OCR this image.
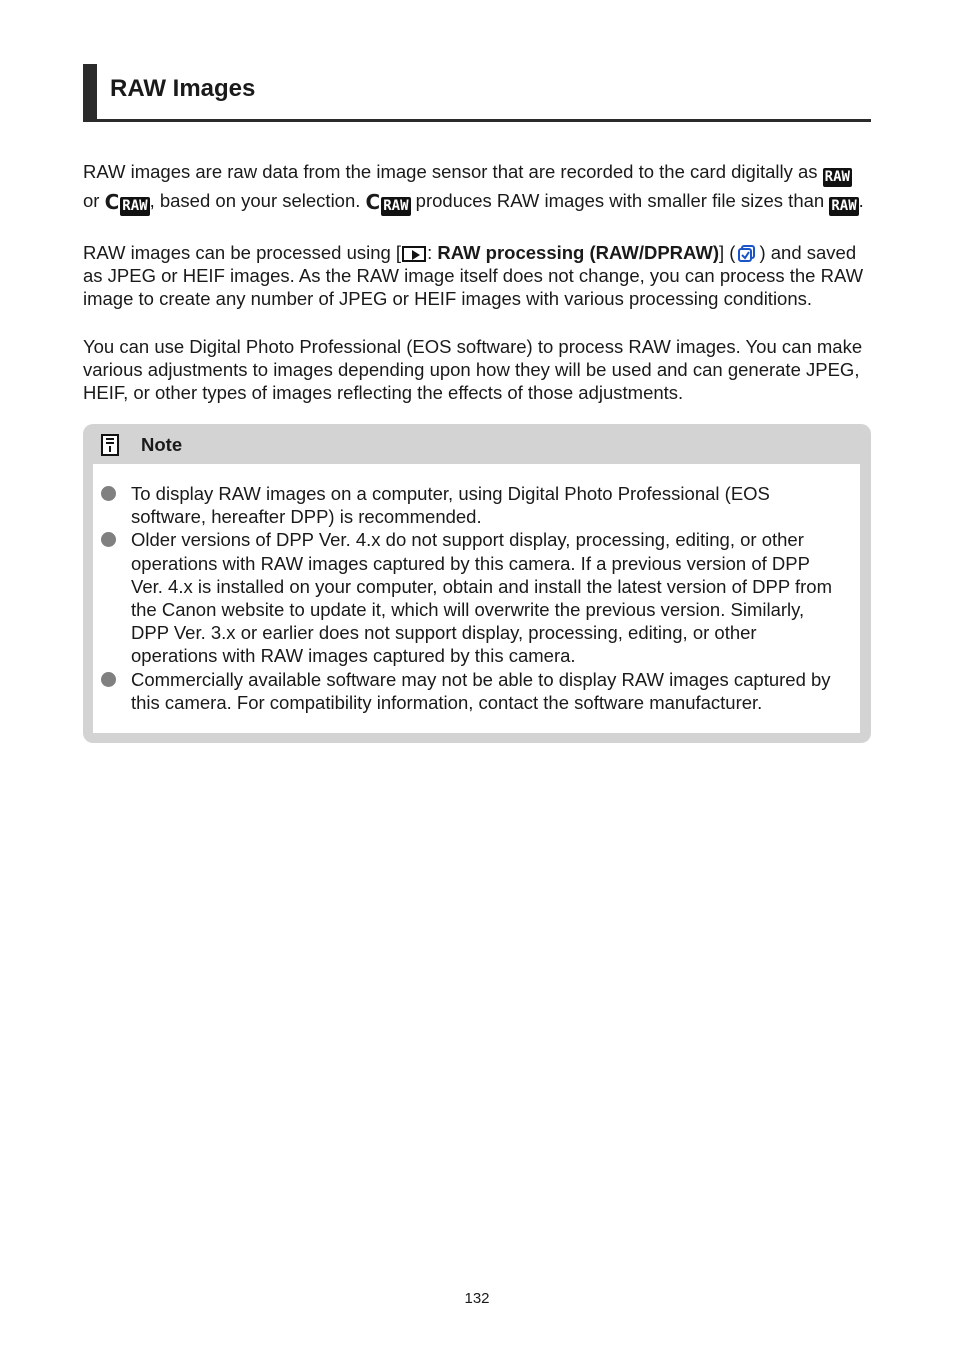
RAW Images
RAW images are raw data from the image sensor that are recorded to the card digitally as RAW or C RAW , based on your selection. C RAW produces RAW images with smaller file sizes than RAW .
RAW images can be processed using [ : RAW processing (RAW/DPRAW)] ( ) and saved as JPEG or HEIF images. As the RAW image itself does not change, you can process the RAW image to create any number of JPEG or HEIF images with various processing conditions.
You can use Digital Photo Professional (EOS software) to process RAW images. You can make various adjustments to images depending upon how they will be used and can generate JPEG, HEIF, or other types of images reflecting the effects of those adjustments.
Note
To display RAW images on a computer, using Digital Photo Professional (EOS software, hereafter DPP) is recommended.
Older versions of DPP Ver. 4.x do not support display, processing, editing, or other operations with RAW images captured by this camera. If a previous version of DPP Ver. 4.x is installed on your computer, obtain and install the latest version of DPP from the Canon website to update it, which will overwrite the previous version. Similarly, DPP Ver. 3.x or earlier does not support display, processing, editing, or other operations with RAW images captured by this camera.
Commercially available software may not be able to display RAW images captured by this camera. For compatibility information, contact the software manufacturer.
132
